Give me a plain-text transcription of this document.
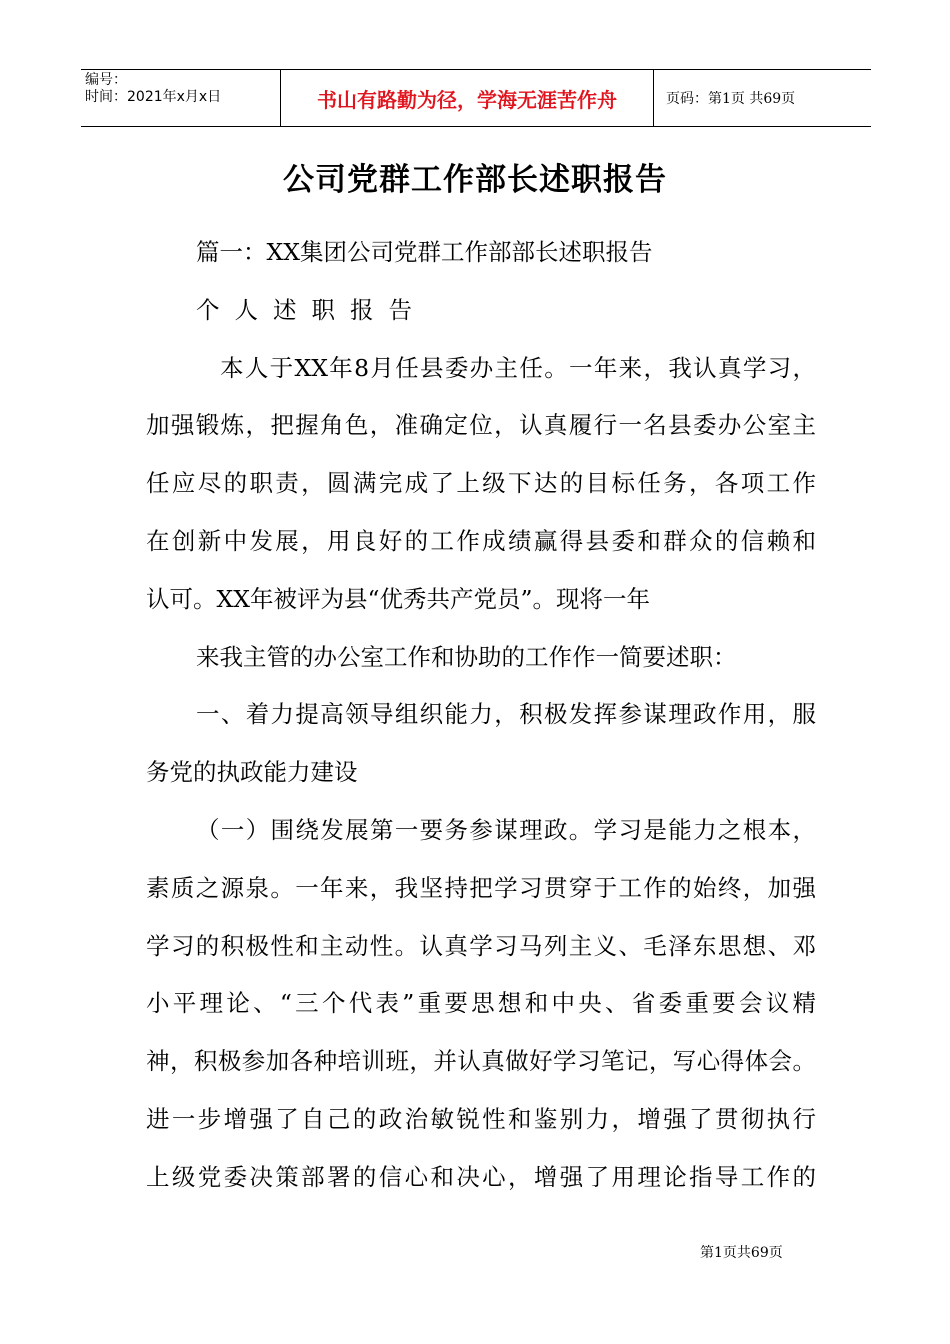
编号：
时间：2021年x月x日	书山有路勤为径，学海无涯苦作舟	页码：第1页 共69页
公司党群工作部长述职报告
篇一：XX集团公司党群工作部部长述职报告
个人述职报告
本人于XX年8月任县委办主任。一年来，我认真学习，
加强锻炼，把握角色，准确定位，认真履行一名县委办公室主
任应尽的职责，圆满完成了上级下达的目标任务，各项工作
在创新中发展，用良好的工作成绩赢得县委和群众的信赖和
认可。XX年被评为县“优秀共产党员”。现将一年
来我主管的办公室工作和协助的工作作一简要述职：
一、着力提高领导组织能力，积极发挥参谋理政作用，服
务党的执政能力建设
（一）围绕发展第一要务参谋理政。学习是能力之根本，
素质之源泉。一年来，我坚持把学习贯穿于工作的始终，加强
学习的积极性和主动性。认真学习马列主义、毛泽东思想、邓
小平理论、“三个代表”重要思想和中央、省委重要会议精
神，积极参加各种培训班，并认真做好学习笔记，写心得体会。
进一步增强了自己的政治敏锐性和鉴别力，增强了贯彻执行
上级党委决策部署的信心和决心，增强了用理论指导工作的
第1页共69页
